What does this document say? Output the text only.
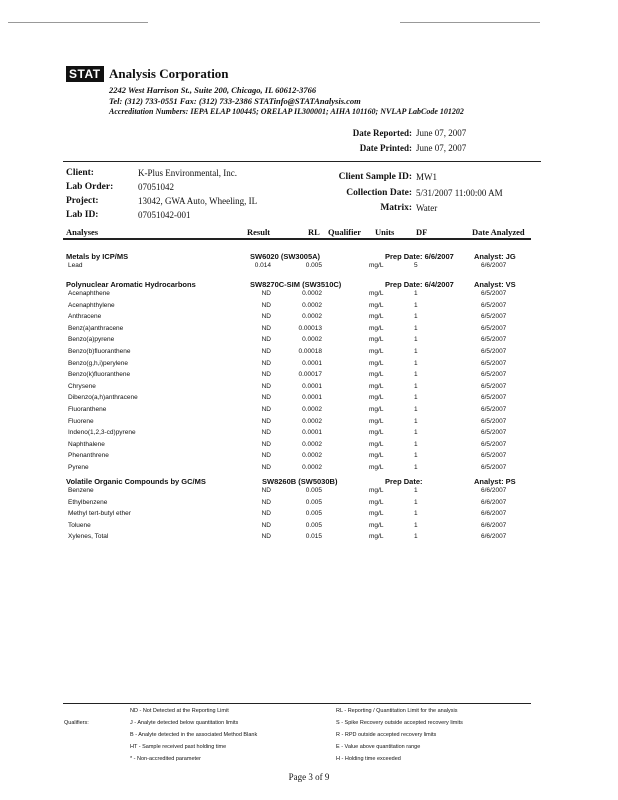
STAT Analysis Corporation
2242 West Harrison St., Suite 200, Chicago, IL 60612-3766
Tel: (312) 733-0551 Fax: (312) 733-2386 STATinfo@STATAnalysis.com
Accreditation Numbers: IEPA ELAP 100445; ORELAP IL300001; AIHA 101160; NVLAP LabCode 101202
Date Reported: June 07, 2007
Date Printed: June 07, 2007
Client:	K-Plus Environmental, Inc.
Lab Order:	07051042
Project:	13042, GWA Auto, Wheeling, IL
Lab ID:	07051042-001
Client Sample ID: MW1
Collection Date: 5/31/2007 11:00:00 AM
Matrix: Water
Analyses	Result	RL Qualifier Units	DF	Date Analyzed
Metals by ICP/MS	SW6020 (SW3005A)	Prep Date: 6/6/2007	Analyst: JG
Lead	0.014	0.005	mg/L	5	6/6/2007
Polynuclear Aromatic Hydrocarbons	SW8270C-SIM (SW3510C)	Prep Date: 6/4/2007	Analyst: VS
Acenaphthene	ND	0.0002	mg/L	1	6/5/2007
Acenaphthylene	ND	0.0002	mg/L	1	6/5/2007
Anthracene	ND	0.0002	mg/L	1	6/5/2007
Benz(a)anthracene	ND	0.00013	mg/L	1	6/5/2007
Benzo(a)pyrene	ND	0.0002	mg/L	1	6/5/2007
Benzo(b)fluoranthene	ND	0.00018	mg/L	1	6/5/2007
Benzo(g,h,i)perylene	ND	0.0001	mg/L	1	6/5/2007
Benzo(k)fluoranthene	ND	0.00017	mg/L	1	6/5/2007
Chrysene	ND	0.0001	mg/L	1	6/5/2007
Dibenzo(a,h)anthracene	ND	0.0001	mg/L	1	6/5/2007
Fluoranthene	ND	0.0002	mg/L	1	6/5/2007
Fluorene	ND	0.0002	mg/L	1	6/5/2007
Indeno(1,2,3-cd)pyrene	ND	0.0001	mg/L	1	6/5/2007
Naphthalene	ND	0.0002	mg/L	1	6/5/2007
Phenanthrene	ND	0.0002	mg/L	1	6/5/2007
Pyrene	ND	0.0002	mg/L	1	6/5/2007
Volatile Organic Compounds by GC/MS	SW8260B (SW5030B)	Prep Date:	Analyst: PS
Benzene	ND	0.005	mg/L	1	6/6/2007
Ethylbenzene	ND	0.005	mg/L	1	6/6/2007
Methyl tert-butyl ether	ND	0.005	mg/L	1	6/6/2007
Toluene	ND	0.005	mg/L	1	6/6/2007
Xylenes, Total	ND	0.015	mg/L	1	6/6/2007
Qualifiers:
ND - Not Detected at the Reporting Limit
J - Analyte detected below quantitation limits
B - Analyte detected in the associated Method Blank
HT - Sample received past holding time
* - Non-accredited parameter
RL - Reporting / Quantitation Limit for the analysis
S - Spike Recovery outside accepted recovery limits
R - RPD outside accepted recovery limits
E - Value above quantitation range
H - Holding time exceeded
Page 3 of 9
